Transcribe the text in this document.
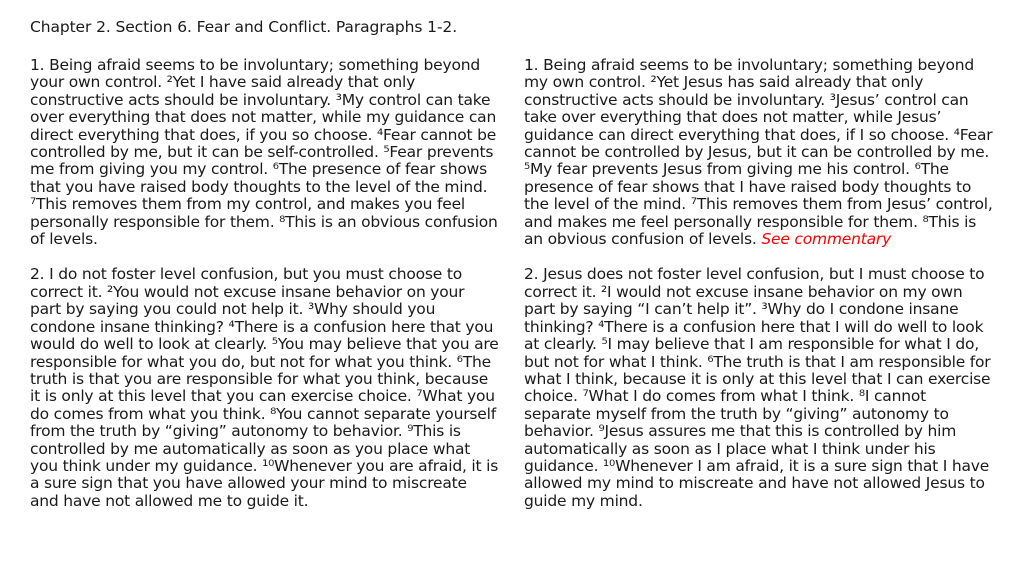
Chapter 2. Section 6. Fear and Conflict. Paragraphs 1-2.

1. Being afraid seems to be involuntary; something beyond your own control. ²Yet I have said already that only constructive acts should be involuntary. ³My control can take over everything that does not matter, while my guidance can direct everything that does, if you so choose. ⁴Fear cannot be controlled by me, but it can be self-controlled. ⁵Fear prevents me from giving you my control. ⁶The presence of fear shows that you have raised body thoughts to the level of the mind. ⁷This removes them from my control, and makes you feel personally responsible for them. ⁸This is an obvious confusion of levels.

2. I do not foster level confusion, but you must choose to correct it. ²You would not excuse insane behavior on your part by saying you could not help it. ³Why should you condone insane thinking? ⁴There is a confusion here that you would do well to look at clearly. ⁵You may believe that you are responsible for what you do, but not for what you think. ⁶The truth is that you are responsible for what you think, because it is only at this level that you can exercise choice. ⁷What you do comes from what you think. ⁸You cannot separate yourself from the truth by “giving” autonomy to behavior. ⁹This is controlled by me automatically as soon as you place what you think under my guidance. ¹⁰Whenever you are afraid, it is a sure sign that you have allowed your mind to miscreate and have not allowed me to guide it.

1. Being afraid seems to be involuntary; something beyond my own control. ²Yet Jesus has said already that only constructive acts should be involuntary. ³Jesus’ control can take over everything that does not matter, while Jesus’ guidance can direct everything that does, if I so choose. ⁴Fear cannot be controlled by Jesus, but it can be controlled by me. ⁵My fear prevents Jesus from giving me his control. ⁶The presence of fear shows that I have raised body thoughts to the level of the mind. ⁷This removes them from Jesus’ control, and makes me feel personally responsible for them. ⁸This is an obvious confusion of levels. See commentary

2. Jesus does not foster level confusion, but I must choose to correct it. ²I would not excuse insane behavior on my own part by saying “I can’t help it”. ³Why do I condone insane thinking? ⁴There is a confusion here that I will do well to look at clearly. ⁵I may believe that I am responsible for what I do, but not for what I think. ⁶The truth is that I am responsible for what I think, because it is only at this level that I can exercise choice. ⁷What I do comes from what I think. ⁸I cannot separate myself from the truth by “giving” autonomy to behavior. ⁹Jesus assures me that this is controlled by him automatically as soon as I place what I think under his guidance. ¹⁰Whenever I am afraid, it is a sure sign that I have allowed my mind to miscreate and have not allowed Jesus to guide my mind.
